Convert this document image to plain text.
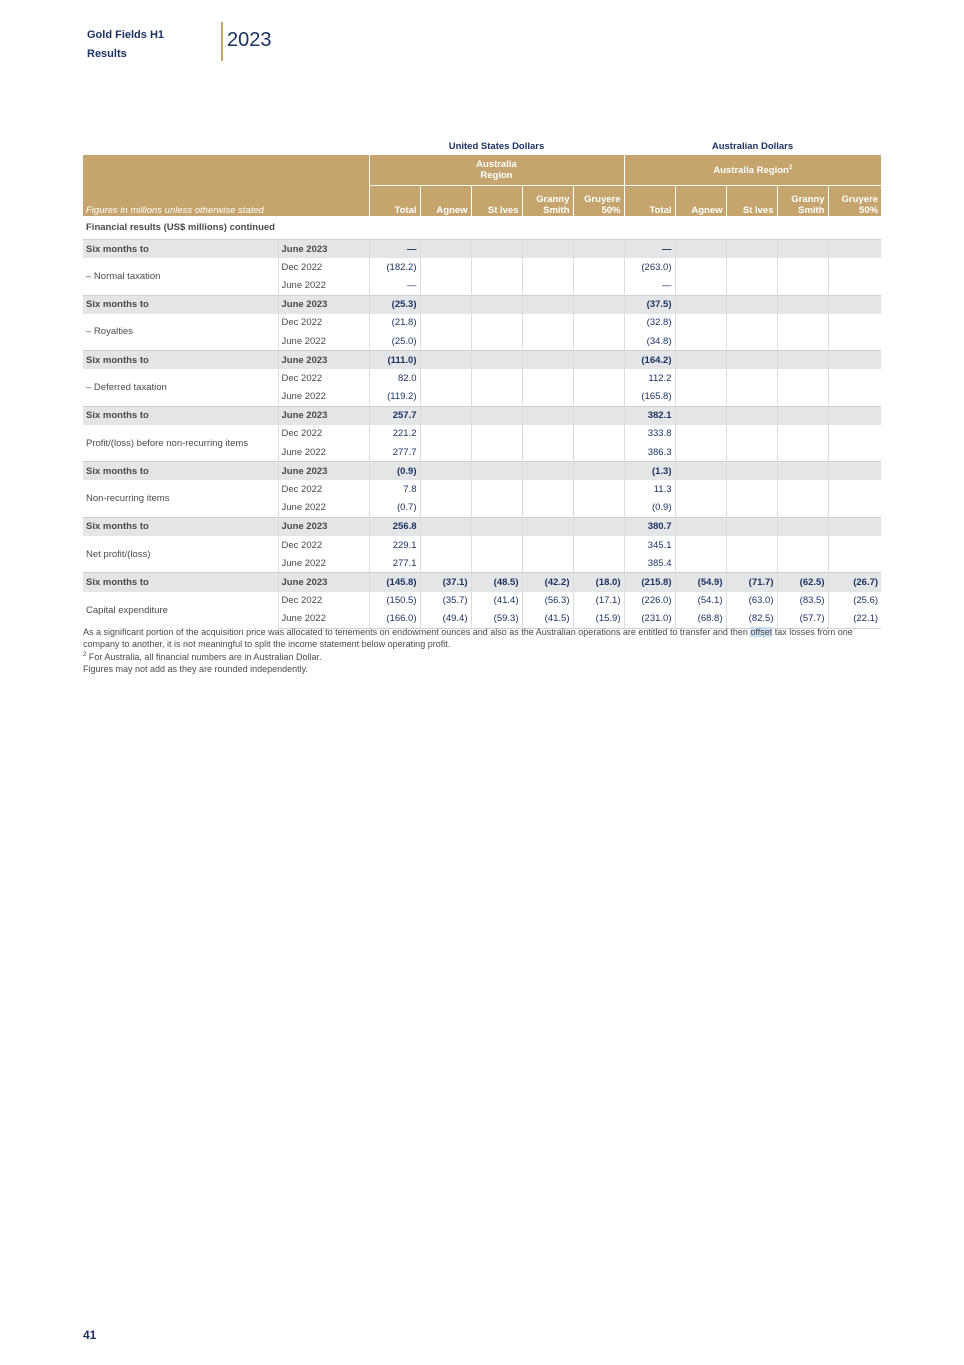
Gold Fields H1
Results
2023
		United States Dollars					Australian Dollars				
		Australia Region					Australia Region$^2$
Figures in millions unless otherwise stated		Total	Agnew	St Ives	Granny Smith	Gruyere 50%	Total	Agnew	St Ives	Granny Smith	Gruyere 50%
Financial results (US$ millions) continued											
Six months to	June 2023	—					—				
– Normal taxation	Dec 2022	(182.2)					(263.0)				
	June 2022	—					—				
Six months to	June 2023	(25.3)					(37.5)				
– Royalties	Dec 2022	(21.8)					(32.8)				
	June 2022	(25.0)					(34.8)				
Six months to	June 2023	(111.0)					(164.2)				
– Deferred taxation	Dec 2022	82.0					112.2				
	June 2022	(119.2)					(165.8)				
Six months to	June 2023	257.7					382.1				
Profit/(loss) before non-recurring items	Dec 2022	221.2					333.8				
	June 2022	277.7					386.3				
Six months to	June 2023	(0.9)					(1.3)				
Non-recurring items	Dec 2022	7.8					11.3				
	June 2022	(0.7)					(0.9)				
Six months to	June 2023	256.8					380.7				
Net profit/(loss)	Dec 2022	229.1					345.1				
	June 2022	277.1					385.4				
Six months to	June 2023	(145.8)	(37.1)	(48.5)	(42.2)	(18.0)	(215.8)	(54.9)	(71.7)	(62.5)	(26.7)
Capital expenditure	Dec 2022	(150.5)	(35.7)	(41.4)	(56.3)	(17.1)	(226.0)	(54.1)	(63.0)	(83.5)	(25.6)
	June 2022	(166.0)	(49.4)	(59.3)	(41.5)	(15.9)	(231.0)	(68.8)	(82.5)	(57.7)	(22.1)

As a significant portion of the acquisition price was allocated to tenements on endowment ounces and also as the Australian operations are entitled to transfer and then offset tax losses from one company to another, it is not meaningful to split the income statement below operating profit.

$^2$ For Australia, all financial numbers are in Australian Dollar.

Figures may not add as they are rounded independently.

41
